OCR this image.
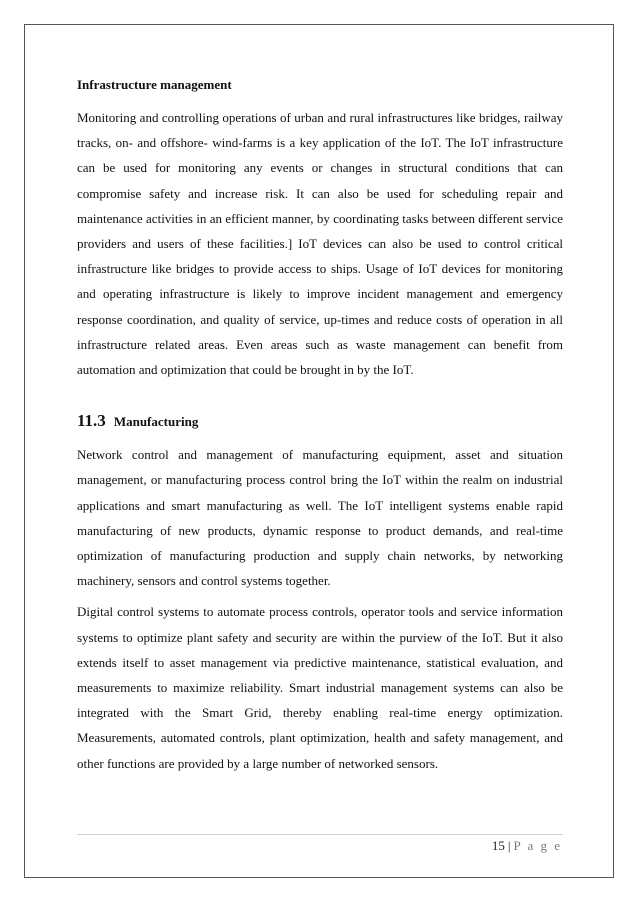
Infrastructure management

Monitoring and controlling operations of urban and rural infrastructures like bridges, railway tracks, on- and offshore- wind-farms is a key application of the IoT. The IoT infrastructure can be used for monitoring any events or changes in structural conditions that can compromise safety and increase risk. It can also be used for scheduling repair and maintenance activities in an efficient manner, by coordinating tasks between different service providers and users of these facilities.] IoT devices can also be used to control critical infrastructure like bridges to provide access to ships. Usage of IoT devices for monitoring and operating infrastructure is likely to improve incident management and emergency response coordination, and quality of service, up-times and reduce costs of operation in all infrastructure related areas. Even areas such as waste management can benefit from automation and optimization that could be brought in by the IoT.

11.3 Manufacturing

Network control and management of manufacturing equipment, asset and situation management, or manufacturing process control bring the IoT within the realm on industrial applications and smart manufacturing as well. The IoT intelligent systems enable rapid manufacturing of new products, dynamic response to product demands, and real-time optimization of manufacturing production and supply chain networks, by networking machinery, sensors and control systems together.

Digital control systems to automate process controls, operator tools and service information systems to optimize plant safety and security are within the purview of the IoT. But it also extends itself to asset management via predictive maintenance, statistical evaluation, and measurements to maximize reliability. Smart industrial management systems can also be integrated with the Smart Grid, thereby enabling real-time energy optimization. Measurements, automated controls, plant optimization, health and safety management, and other functions are provided by a large number of networked sensors.

15 | P a g e
